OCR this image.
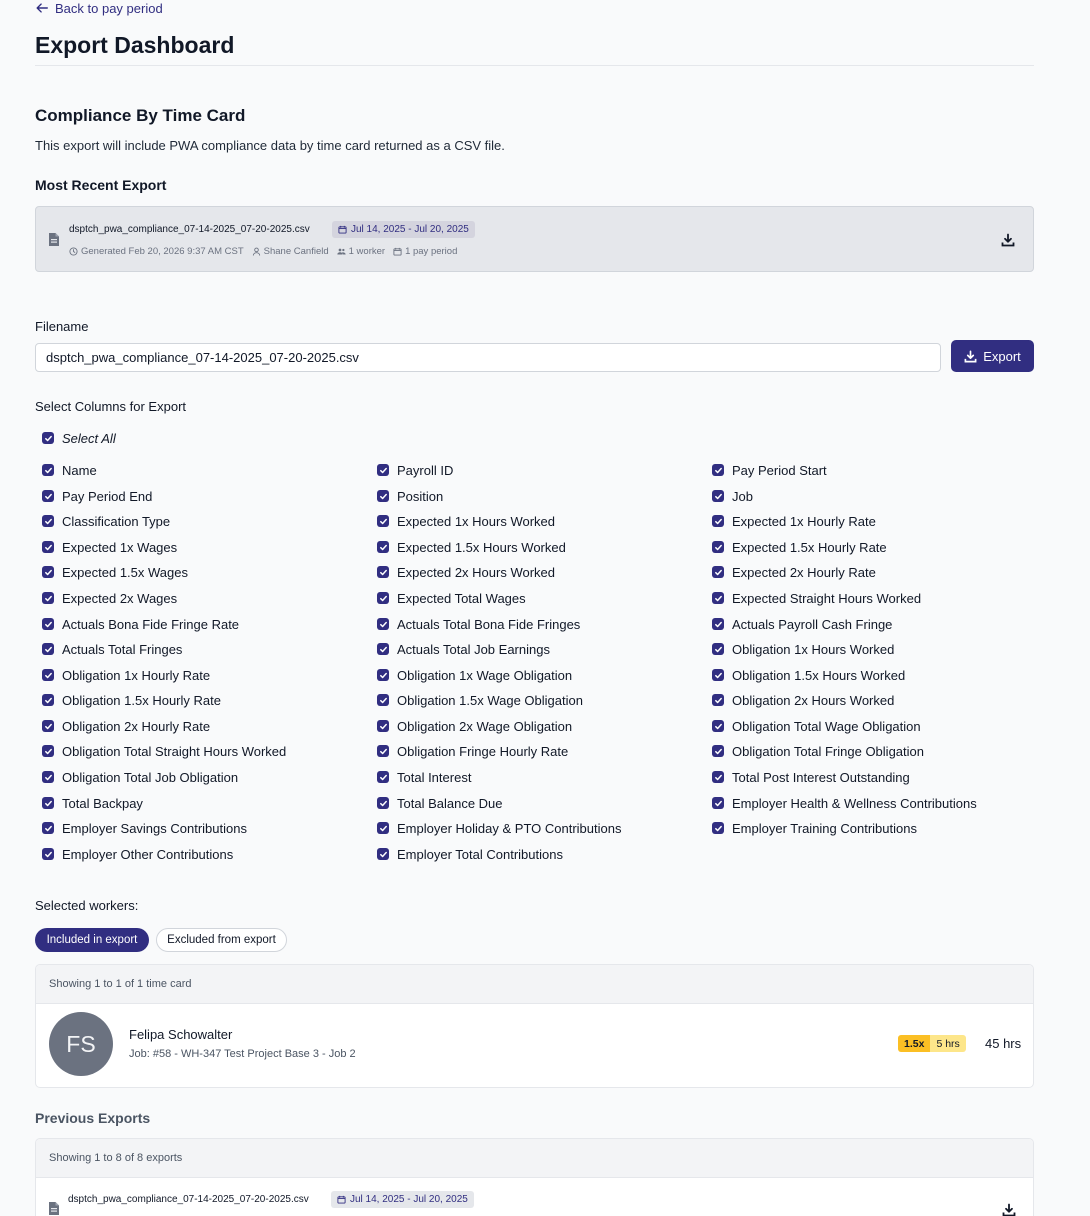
Back to pay period
Export Dashboard
Compliance By Time Card

This export will include PWA compliance data by time card returned as a CSV file.

Most Recent Export
dsptch_pwa_compliance_07-14-2025_07-20-2025.csv	Jul 14, 2025 - Jul 20, 2025
Generated Feb 20, 2026 9:37 AM CST Shane Canfield 1 worker 1 pay period
Filename
dsptch_pwa_compliance_07-14-2025_07-20-2025.csv
Export
Select Columns for Export
Select All
Name	Payroll ID	Pay Period Start
Pay Period End	Position	Job
Classification Type	Expected 1x Hours Worked	Expected 1x Hourly Rate
Expected 1x Wages	Expected 1.5x Hours Worked	Expected 1.5x Hourly Rate
Expected 1.5x Wages	Expected 2x Hours Worked	Expected 2x Hourly Rate
Expected 2x Wages	Expected Total Wages	Expected Straight Hours Worked
Actuals Bona Fide Fringe Rate	Actuals Total Bona Fide Fringes	Actuals Payroll Cash Fringe
Actuals Total Fringes	Actuals Total Job Earnings	Obligation 1x Hours Worked
Obligation 1x Hourly Rate	Obligation 1x Wage Obligation	Obligation 1.5x Hours Worked
Obligation 1.5x Hourly Rate	Obligation 1.5x Wage Obligation	Obligation 2x Hours Worked
Obligation 2x Hourly Rate	Obligation 2x Wage Obligation	Obligation Total Wage Obligation
Obligation Total Straight Hours Worked	Obligation Fringe Hourly Rate	Obligation Total Fringe Obligation
Obligation Total Job Obligation	Total Interest	Total Post Interest Outstanding
Total Backpay	Total Balance Due	Employer Health & Wellness Contributions
Employer Savings Contributions	Employer Holiday & PTO Contributions	Employer Training Contributions
Employer Other Contributions	Employer Total Contributions
Selected workers:
Included in export	Excluded from export
Showing 1 to 1 of 1 time card
FS	Felipa Schowalter
Job: #58 - WH-347 Test Project Base 3 - Job 2
1.5x	5 hrs	45 hrs
Previous Exports
Showing 1 to 8 of 8 exports
dsptch_pwa_compliance_07-14-2025_07-20-2025.csv	Jul 14, 2025 - Jul 20, 2025
